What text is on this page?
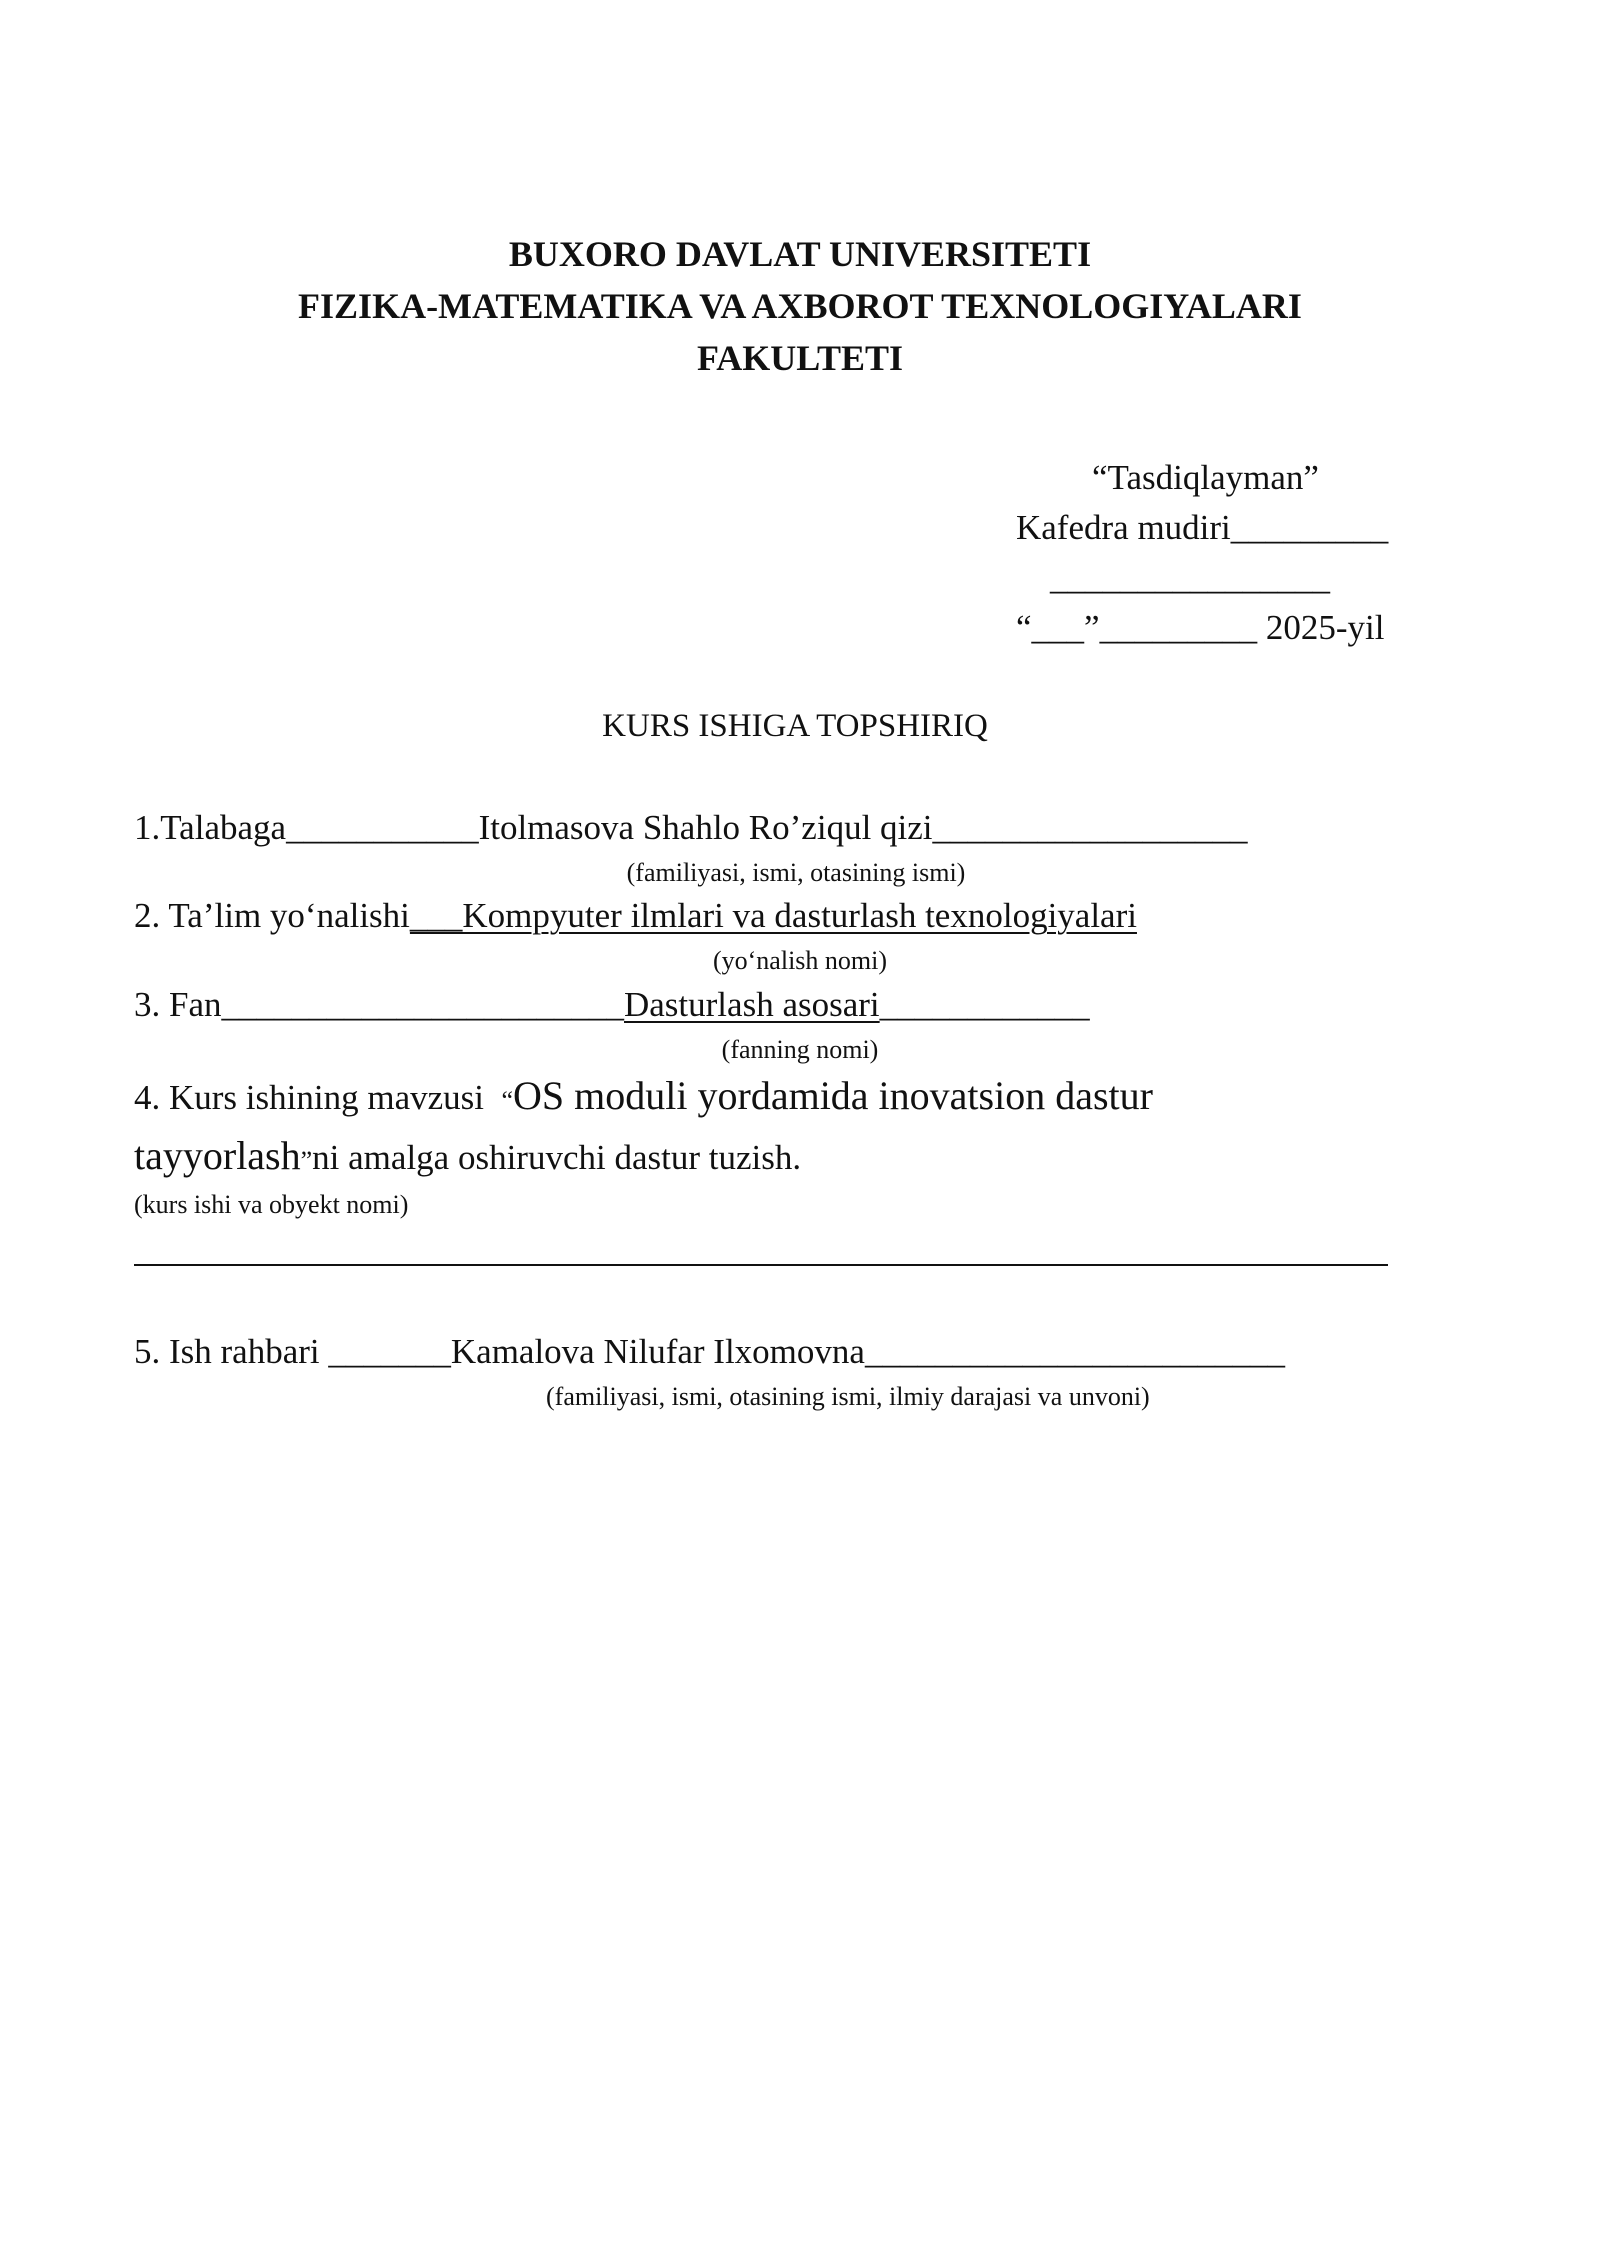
BUXORO DAVLAT UNIVERSITETI
FIZIKA-MATEMATIKA VA AXBOROT TEXNOLOGIYALARI
FAKULTETI
“Tasdiqlayman”
Kafedra mudiri_________
________________
“___”_________ 2025-yil
KURS ISHIGA TOPSHIRIQ
1.Talabaga___________Itolmasova Shahlo Ro’ziqul qizi__________________
(familiyasi, ismi, otasining ismi)
2. Ta’lim yo‘nalishi___Kompyuter ilmlari va dasturlash texnologiyalari
(yo‘nalish nomi)
3. Fan_______________________Dasturlash asosari____________
(fanning nomi)
4. Kurs ishining mavzusi  “OS moduli yordamida inovatsion dastur
tayyorlash”ni amalga oshiruvchi dastur tuzish.
(kurs ishi va obyekt nomi)
5. Ish rahbari _______Kamalova Nilufar Ilxomovna________________________
(familiyasi, ismi, otasining ismi, ilmiy darajasi va unvoni)
